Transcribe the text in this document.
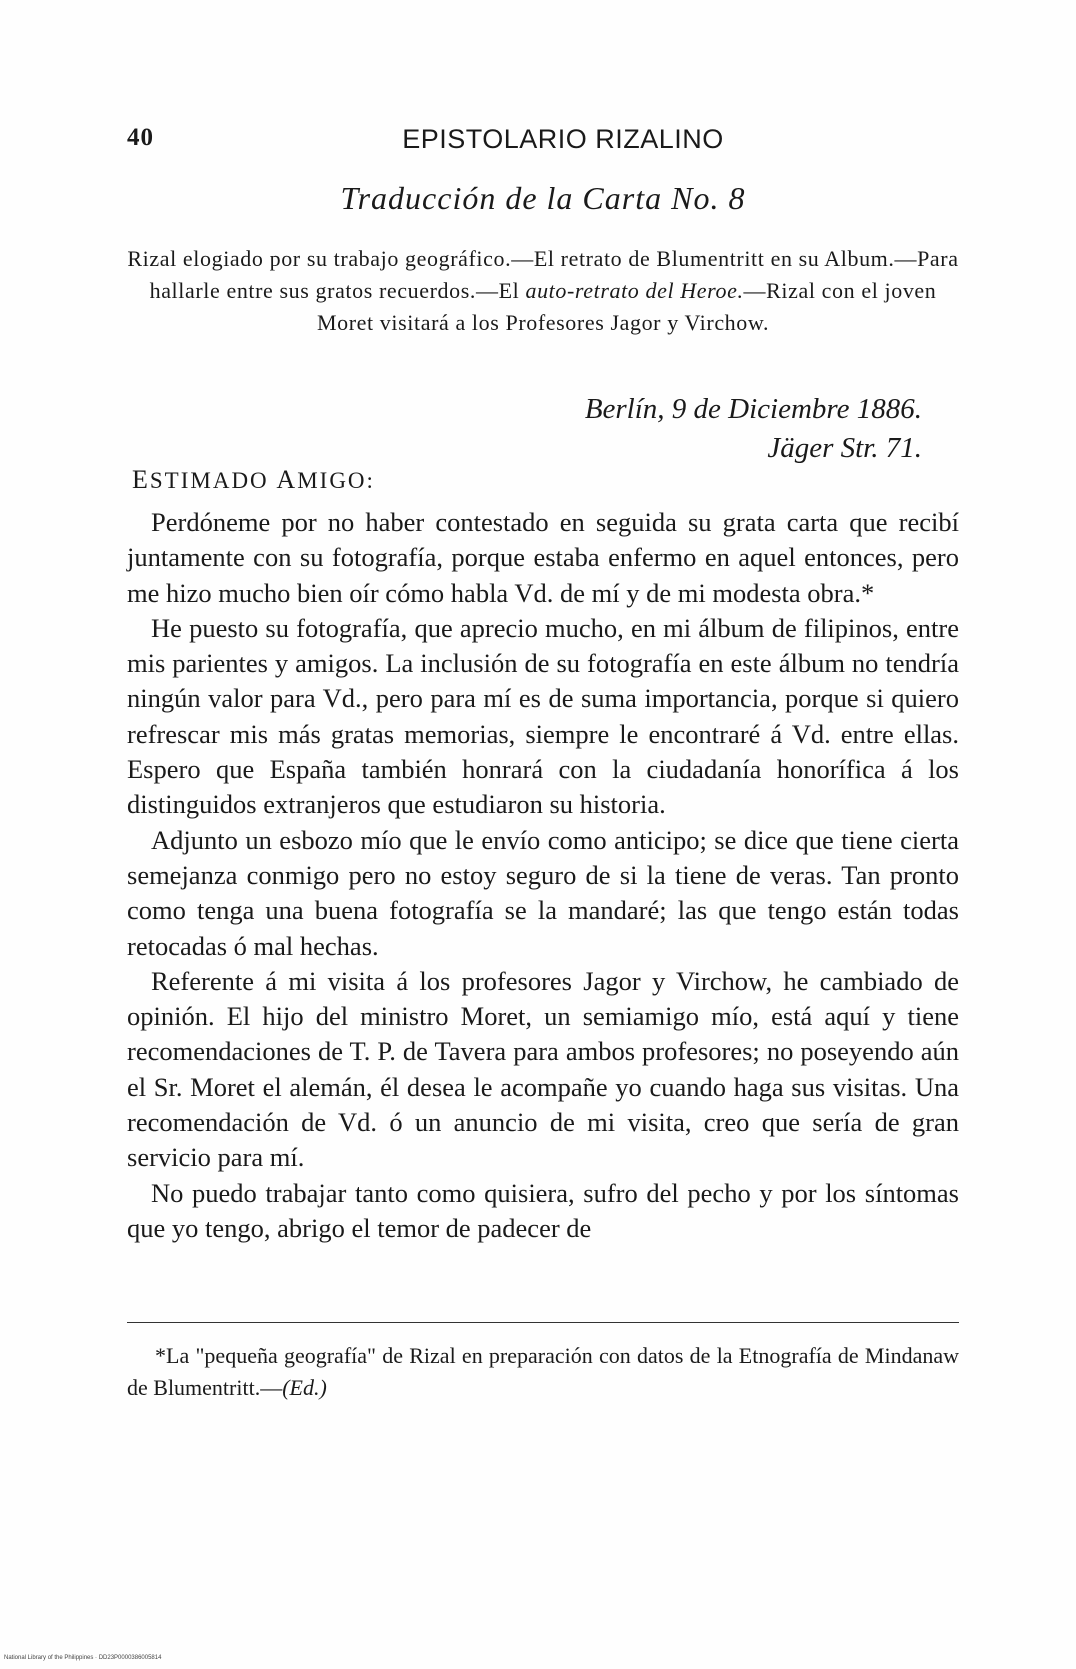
40	EPISTOLARIO RIZALINO
Traducción de la Carta No. 8
Rizal elogiado por su trabajo geográfico.—El retrato de Blumentritt en su Album.—Para hallarle entre sus gratos recuerdos.—El auto-retrato del Heroe.—Rizal con el joven Moret visitará a los Profesores Jagor y Virchow.
Berlín, 9 de Diciembre 1886.
Jäger Str. 71.
ESTIMADO AMIGO:

Perdóneme por no haber contestado en seguida su grata carta que recibí juntamente con su fotografía, porque estaba enfermo en aquel entonces, pero me hizo mucho bien oír cómo habla Vd. de mí y de mi modesta obra.*

He puesto su fotografía, que aprecio mucho, en mi álbum de filipinos, entre mis parientes y amigos. La inclusión de su fotografía en este álbum no tendría ningún valor para Vd., pero para mí es de suma importancia, porque si quiero refrescar mis más gratas memorias, siempre le encontraré á Vd. entre ellas. Espero que España también honrará con la ciudadanía honorífica á los distinguidos extranjeros que estudiaron su historia.

Adjunto un esbozo mío que le envío como anticipo; se dice que tiene cierta semejanza conmigo pero no estoy seguro de si la tiene de veras. Tan pronto como tenga una buena fotografía se la mandaré; las que tengo están todas retocadas ó mal hechas.

Referente á mi visita á los profesores Jagor y Virchow, he cambiado de opinión. El hijo del ministro Moret, un semiamigo mío, está aquí y tiene recomendaciones de T. P. de Tavera para ambos profesores; no poseyendo aún el Sr. Moret el alemán, él desea le acompañe yo cuando haga sus visitas. Una recomendación de Vd. ó un anuncio de mi visita, creo que sería de gran servicio para mí.

No puedo trabajar tanto como quisiera, sufro del pecho y por los síntomas que yo tengo, abrigo el temor de padecer de

*La "pequeña geografía" de Rizal en preparación con datos de la Etnografía de Mindanaw de Blumentritt.—(Ed.)

National Library of the Philippines · DD23P0000386005814
